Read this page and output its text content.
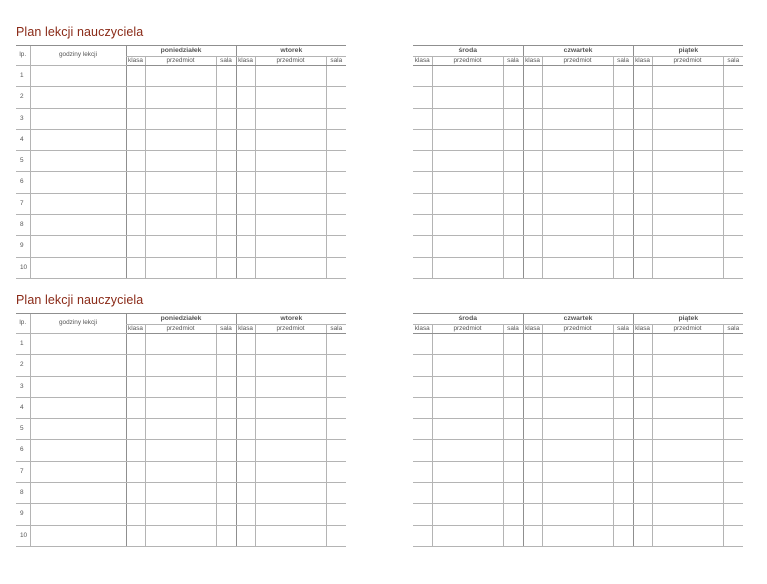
Plan lekcji nauczyciela
Plan lekcji nauczyciela
lp.	godziny lekcji	poniedziałek			wtorek		
		klasa	przedmiot	sala	klasa	przedmiot	sala
1							
2							
3							
4							
5							
6							
7							
8							
9							
10							
środa			czwartek			piątek		
klasa	przedmiot	sala	klasa	przedmiot	sala	klasa	przedmiot	sala

lp.	godziny lekcji	poniedziałek			wtorek		
		klasa	przedmiot	sala	klasa	przedmiot	sala
1							
2							
3							
4							
5							
6							
7							
8							
9							
10							
środa			czwartek			piątek		
klasa	przedmiot	sala	klasa	przedmiot	sala	klasa	przedmiot	sala
